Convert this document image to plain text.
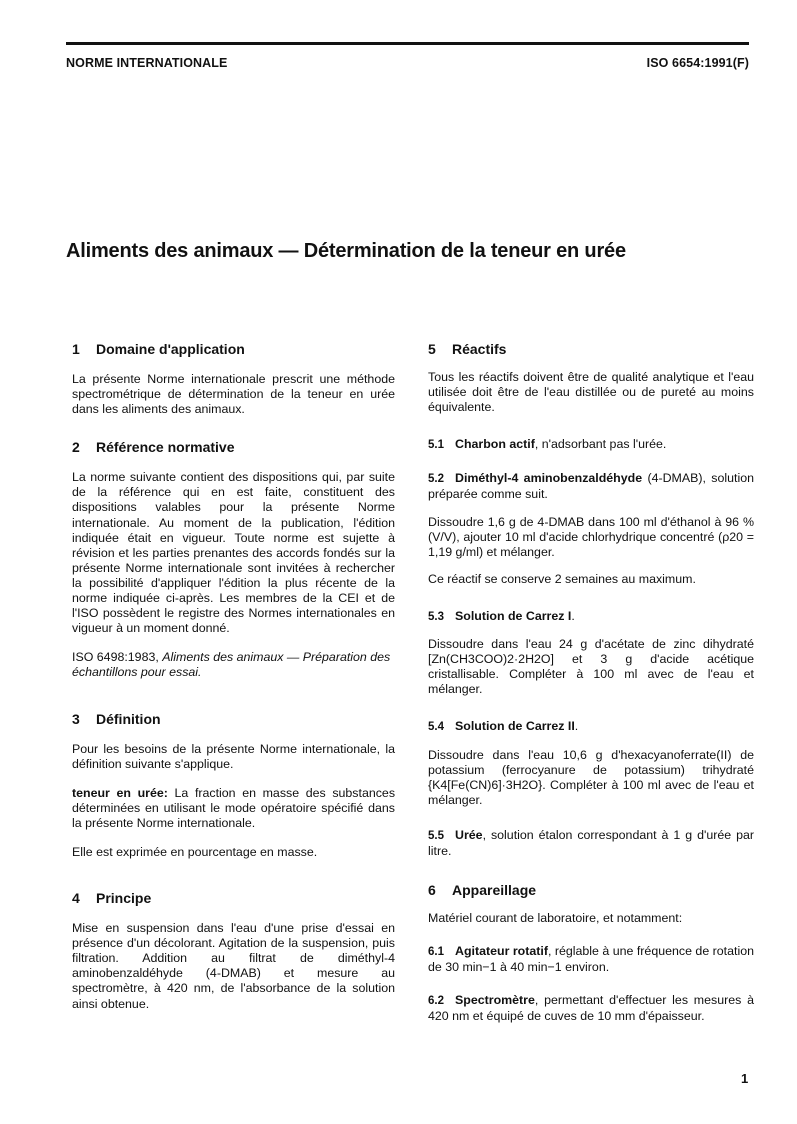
NORME INTERNATIONALE	ISO 6654:1991(F)
Aliments des animaux — Détermination de la teneur en urée
1 Domaine d'application

La présente Norme internationale prescrit une méthode spectrométrique de détermination de la teneur en urée dans les aliments des animaux.

2 Référence normative

La norme suivante contient des dispositions qui, par suite de la référence qui en est faite, constituent des dispositions valables pour la présente Norme internationale. Au moment de la publication, l'édition indiquée était en vigueur. Toute norme est sujette à révision et les parties prenantes des accords fondés sur la présente Norme internationale sont invitées à rechercher la possibilité d'appliquer l'édition la plus récente de la norme indiquée ci-après. Les membres de la CEI et de l'ISO possèdent le registre des Normes internationales en vigueur à un moment donné.

ISO 6498:1983, Aliments des animaux — Préparation des échantillons pour essai.

3 Définition

Pour les besoins de la présente Norme internationale, la définition suivante s'applique.

teneur en urée: La fraction en masse des substances déterminées en utilisant le mode opératoire spécifié dans la présente Norme internationale.

Elle est exprimée en pourcentage en masse.

4 Principe

Mise en suspension dans l'eau d'une prise d'essai en présence d'un décolorant. Agitation de la suspension, puis filtration. Addition au filtrat de diméthyl-4 aminobenzaldéhyde (4-DMAB) et mesure au spectromètre, à 420 nm, de l'absorbance de la solution ainsi obtenue.

5 Réactifs

Tous les réactifs doivent être de qualité analytique et l'eau utilisée doit être de l'eau distillée ou de pureté au moins équivalente.

5.1 Charbon actif, n'adsorbant pas l'urée.

5.2 Diméthyl-4 aminobenzaldéhyde (4-DMAB), solution préparée comme suit.

Dissoudre 1,6 g de 4-DMAB dans 100 ml d'éthanol à 96 % (V/V), ajouter 10 ml d'acide chlorhydrique concentré (ρ20 = 1,19 g/ml) et mélanger.

Ce réactif se conserve 2 semaines au maximum.

5.3 Solution de Carrez I.

Dissoudre dans l'eau 24 g d'acétate de zinc dihydraté [Zn(CH3COO)2·2H2O] et 3 g d'acide acétique cristallisable. Compléter à 100 ml avec de l'eau et mélanger.

5.4 Solution de Carrez II.

Dissoudre dans l'eau 10,6 g d'hexacyanoferrate(II) de potassium (ferrocyanure de potassium) trihydraté {K4[Fe(CN)6]·3H2O}. Compléter à 100 ml avec de l'eau et mélanger.

5.5 Urée, solution étalon correspondant à 1 g d'urée par litre.

6 Appareillage

Matériel courant de laboratoire, et notamment:

6.1 Agitateur rotatif, réglable à une fréquence de rotation de 30 min−1 à 40 min−1 environ.

6.2 Spectromètre, permettant d'effectuer les mesures à 420 nm et équipé de cuves de 10 mm d'épaisseur.

1
